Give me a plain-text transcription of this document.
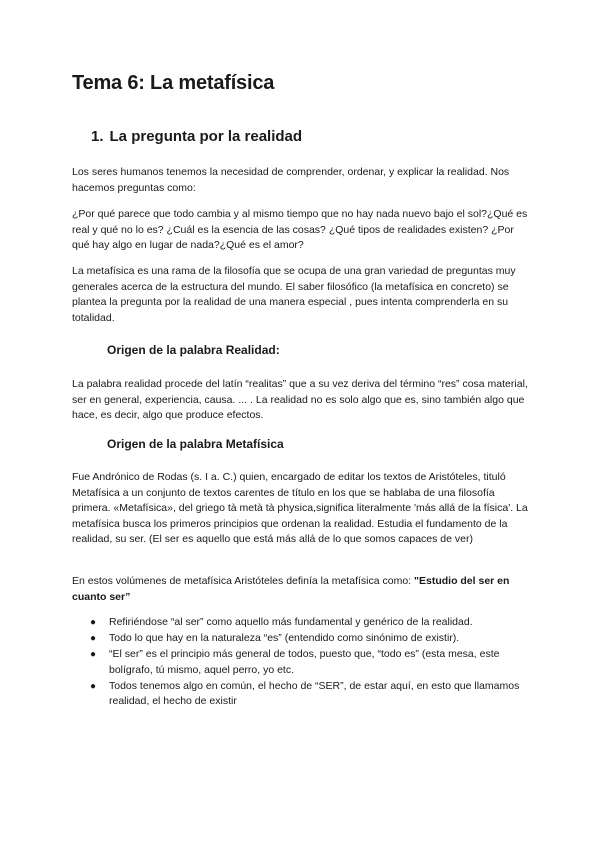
Tema 6: La metafísica
1. La pregunta por la realidad

Los seres humanos tenemos la necesidad de comprender, ordenar, y explicar la realidad. Nos hacemos preguntas como:

¿Por qué parece que todo cambia y al mismo tiempo que no hay nada nuevo bajo el sol?¿Qué es real y qué no lo es? ¿Cuál es la esencia de las cosas? ¿Qué tipos de realidades existen? ¿Por qué hay algo en lugar de nada?¿Qué es el amor?

La metafísica es una rama de la filosofía que se ocupa de una gran variedad de preguntas muy generales acerca de la estructura del mundo. El saber filosófico (la metafísica en concreto) se plantea la pregunta por la realidad de una manera especial , pues intenta comprenderla en su totalidad.

Origen de la palabra Realidad:

La palabra realidad procede del latín “realitas” que a su vez deriva del término “res” cosa material, ser en general, experiencia, causa. ... . La realidad no es solo algo que es, sino también algo que hace, es decir, algo que produce efectos.

Origen de la palabra Metafísica

Fue Andrónico de Rodas (s. I a. C.) quien, encargado de editar los textos de Aristóteles, tituló Metafísica a un conjunto de textos carentes de título en los que se hablaba de una filosofía primera. «Metafísica», del griego tà metà tà physica,significa literalmente 'más allá de la física'. La metafísica busca los primeros principios que ordenan la realidad. Estudia el fundamento de la realidad, su ser. (El ser es aquello que está más allá de lo que somos capaces de ver)

En estos volúmenes de metafísica Aristóteles definía la metafísica como: "Estudio del ser en cuanto ser”

● Refiriéndose “al ser” como aquello más fundamental y genérico de la realidad.
● Todo lo que hay en la naturaleza “es” (entendido como sinónimo de existir).
● “El ser” es el principio más general de todos, puesto que, “todo es” (esta mesa, este bolígrafo, tú mismo, aquel perro, yo etc.
● Todos tenemos algo en común, el hecho de “SER”, de estar aquí, en esto que llamamos realidad, el hecho de existir
